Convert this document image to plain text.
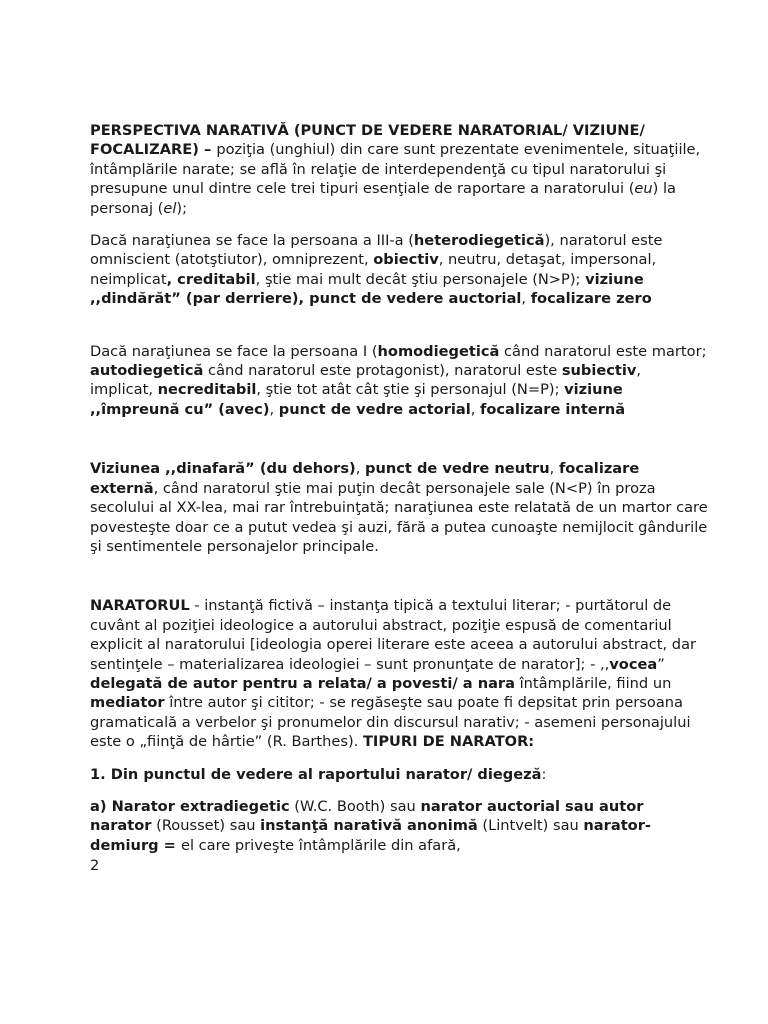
PERSPECTIVA NARATIVĂ (PUNCT DE VEDERE NARATORIAL/ VIZIUNE/ FOCALIZARE) – poziţia (unghiul) din care sunt prezentate evenimentele, situaţiile, întâmplările narate; se află în relaţie de interdependenţă cu tipul naratorului şi presupune unul dintre cele trei tipuri esenţiale de raportare a naratorului (eu) la personaj (el);

Dacă naraţiunea se face la persoana a III-a (heterodiegetică), naratorul este omniscient (atotştiutor), omniprezent, obiectiv, neutru, detaşat, impersonal, neimplicat, creditabil, ştie mai mult decât ştiu personajele (N>P); viziune ,,dindărăt” (par derriere), punct de vedere auctorial, focalizare zero

Dacă naraţiunea se face la persoana I (homodiegetică când naratorul este martor; autodiegetică când naratorul este protagonist), naratorul este subiectiv, implicat, necreditabil, ştie tot atât cât ştie şi personajul (N=P); viziune ,,împreună cu” (avec), punct de vedre actorial, focalizare internă

Viziunea ,,dinafară” (du dehors), punct de vedre neutru, focalizare externă, când naratorul ştie mai puţin decât personajele sale (N<P) în proza secolului al XX-lea, mai rar întrebuinţată; naraţiunea este relatată de un martor care povesteşte doar ce a putut vedea şi auzi, fără a putea cunoaşte nemijlocit gândurile şi sentimentele personajelor principale.

NARATORUL - instanţă fictivă – instanţa tipică a textului literar; - purtătorul de cuvânt al poziţiei ideologice a autorului abstract, poziţie espusă de comentariul explicit al naratorului [ideologia operei literare este aceea a autorului abstract, dar sentinţele – materializarea ideologiei – sunt pronunţate de narator]; - ,,vocea” delegată de autor pentru a relata/ a povesti/ a nara întâmplările, fiind un mediator între autor şi cititor; - se regăseşte sau poate fi depsitat prin persoana gramaticală a verbelor şi pronumelor din discursul narativ; - asemeni personajului este o „fiinţă de hârtie” (R. Barthes). TIPURI DE NARATOR:

1. Din punctul de vedere al raportului narator/ diegeză:

a) Narator extradiegetic (W.C. Booth) sau narator auctorial sau autor narator (Rousset) sau instanţă narativă anonimă (Lintvelt) sau narator-demiurg = el care priveşte întâmplările din afară,

2
